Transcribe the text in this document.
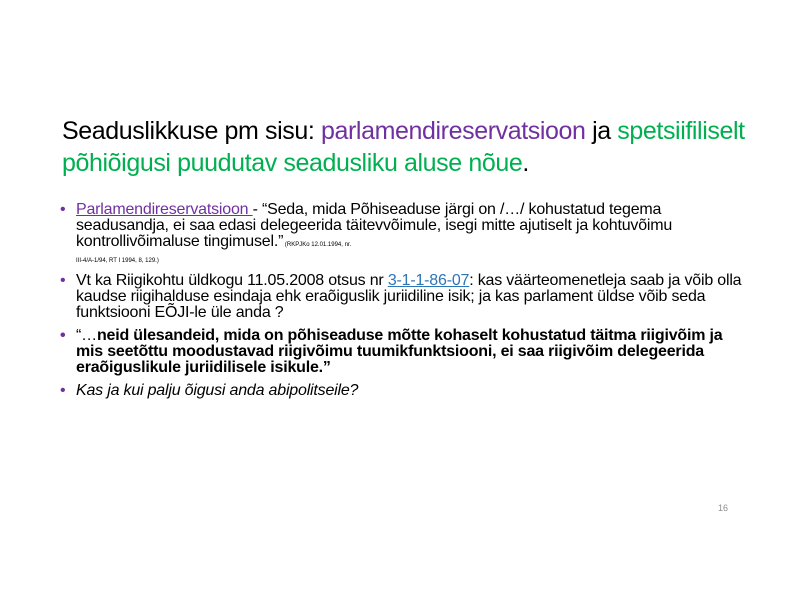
Seaduslikkuse pm sisu: parlamendireservatsioon ja spetsiifiliselt põhiõigusi puudutav seadusliku aluse nõue.
• Parlamendireservatsioon - “Seda, mida Põhiseaduse järgi on /…/ kohustatud tegema seadusandja, ei saa edasi delegeerida täitevvõimule, isegi mitte ajutiselt ja kohtuvõimu kontrollivõimaluse tingimusel.” (RKPJKo 12.01.1994, nr.
III-4/A-1/94, RT I 1994, 8, 129.)
• Vt ka Riigikohtu üldkogu 11.05.2008 otsus nr 3-1-1-86-07: kas väärteomenetleja saab ja võib olla kaudse riigihalduse esindaja ehk eraõiguslik juriidiline isik; ja kas parlament üldse võib seda funktsiooni EÕJI-le üle anda ?
• “…neid ülesandeid, mida on põhiseaduse mõtte kohaselt kohustatud täitma riigivõim ja mis seetõttu moodustavad riigivõimu tuumikfunktsiooni, ei saa riigivõim delegeerida eraõiguslikule juriidilisele isikule.”
• Kas ja kui palju õigusi anda abipolitseile?
16
